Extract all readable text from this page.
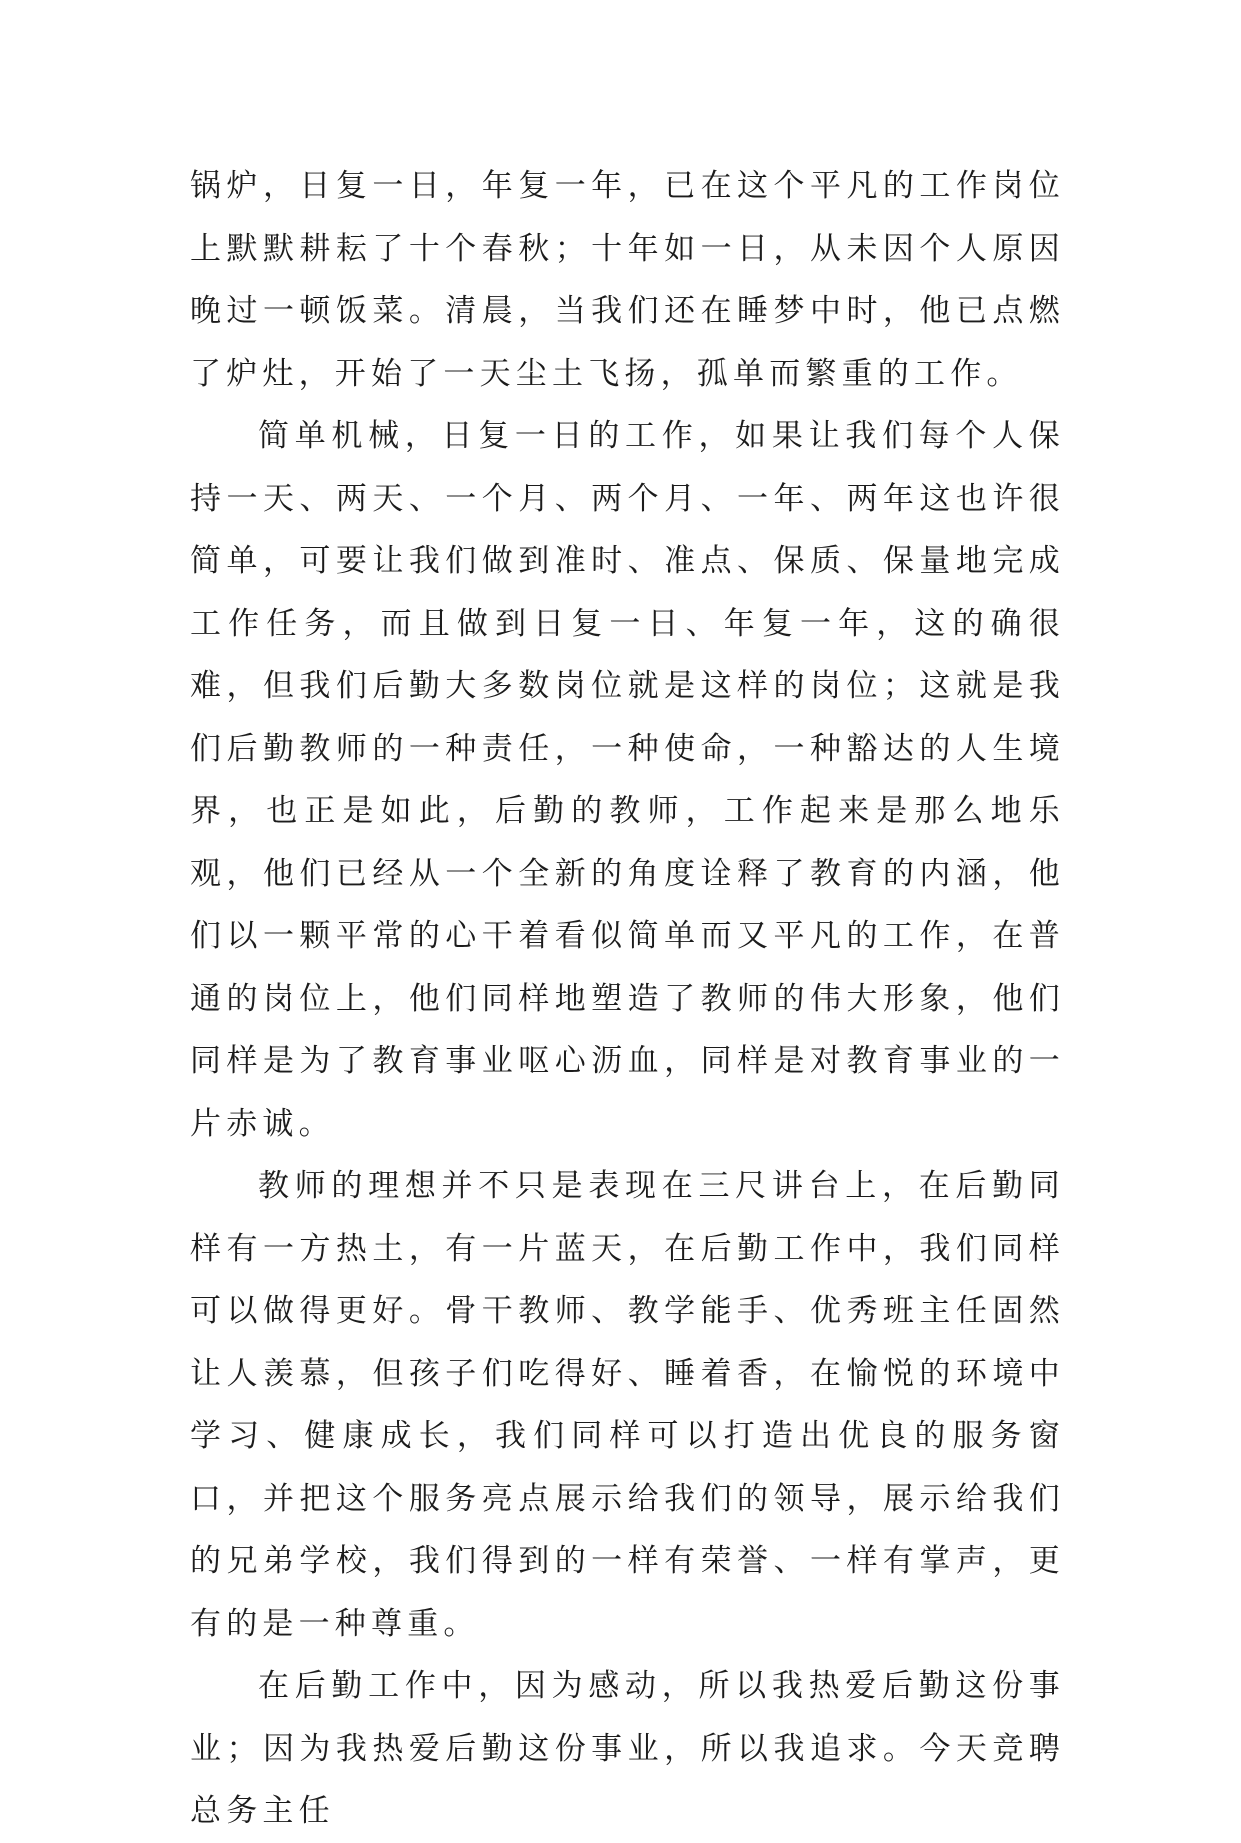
锅炉，日复一日，年复一年，已在这个平凡的工作岗位上默默耕耘了十个春秋；十年如一日，从未因个人原因晚过一顿饭菜。清晨，当我们还在睡梦中时，他已点燃了炉灶，开始了一天尘土飞扬，孤单而繁重的工作。

简单机械，日复一日的工作，如果让我们每个人保持一天、两天、一个月、两个月、一年、两年这也许很简单，可要让我们做到准时、准点、保质、保量地完成工作任务，而且做到日复一日、年复一年，这的确很难，但我们后勤大多数岗位就是这样的岗位；这就是我们后勤教师的一种责任，一种使命，一种豁达的人生境界，也正是如此，后勤的教师，工作起来是那么地乐观，他们已经从一个全新的角度诠释了教育的内涵，他们以一颗平常的心干着看似简单而又平凡的工作，在普通的岗位上，他们同样地塑造了教师的伟大形象，他们同样是为了教育事业呕心沥血，同样是对教育事业的一片赤诚。

教师的理想并不只是表现在三尺讲台上，在后勤同样有一方热土，有一片蓝天，在后勤工作中，我们同样可以做得更好。骨干教师、教学能手、优秀班主任固然让人羡慕，但孩子们吃得好、睡着香，在愉悦的环境中学习、健康成长，我们同样可以打造出优良的服务窗口，并把这个服务亮点展示给我们的领导，展示给我们的兄弟学校，我们得到的一样有荣誉、一样有掌声，更有的是一种尊重。

在后勤工作中，因为感动，所以我热爱后勤这份事业；因为我热爱后勤这份事业，所以我追求。今天竞聘总务主任
